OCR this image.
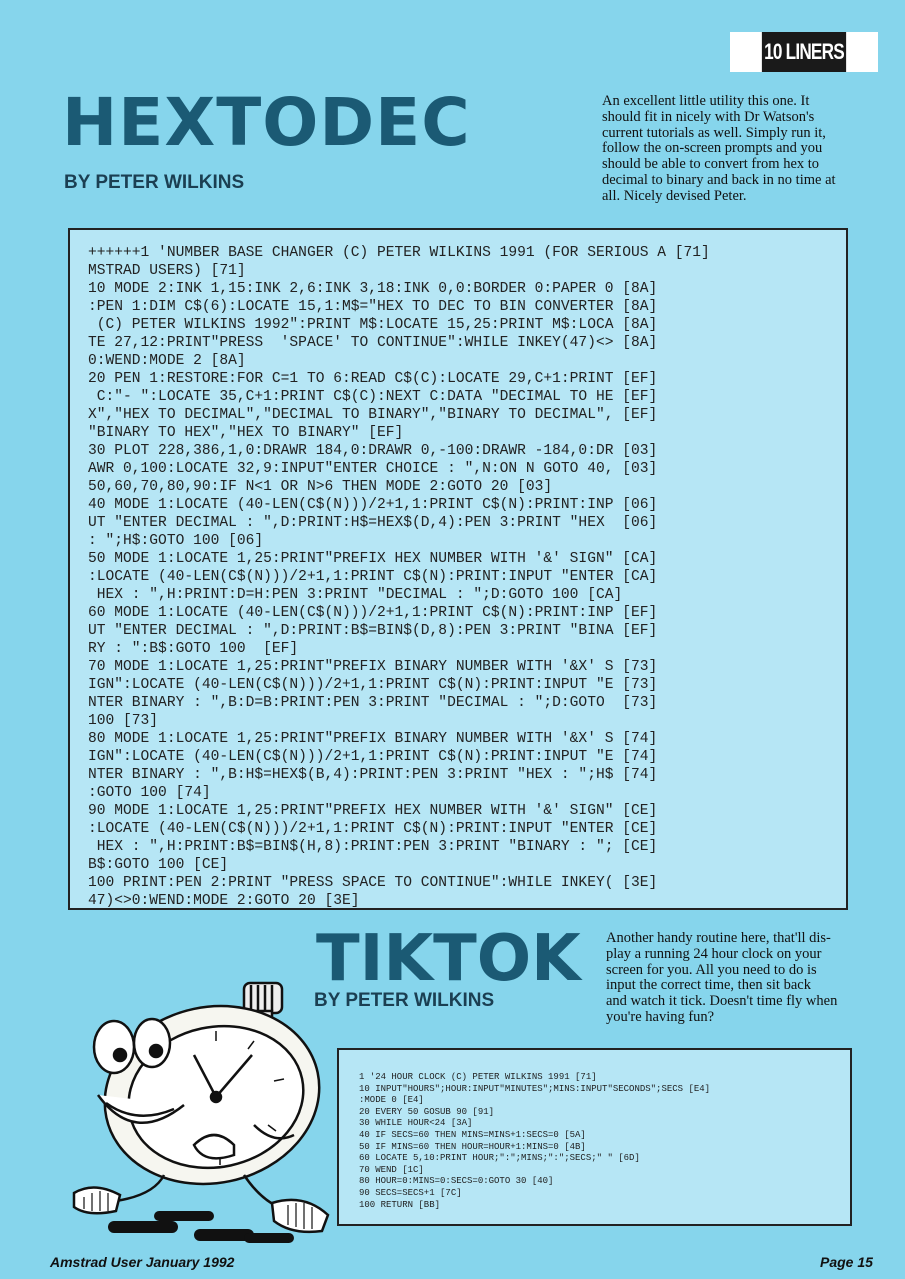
10 LINERS
HEXTODEC
BY PETER WILKINS
An excellent little utility this one. It
should fit in nicely with Dr Watson's
current tutorials as well. Simply run it,
follow the on-screen prompts and you
should be able to convert from hex to
decimal to binary and back in no time at
all. Nicely devised Peter.
++++++1 'NUMBER BASE CHANGER (C) PETER WILKINS 1991 (FOR SERIOUS A [71]
MSTRAD USERS) [71]
10 MODE 2:INK 1,15:INK 2,6:INK 3,18:INK 0,0:BORDER 0:PAPER 0 [8A]
:PEN 1:DIM C$(6):LOCATE 15,1:M$="HEX TO DEC TO BIN CONVERTER [8A]
(C) PETER WILKINS 1992":PRINT M$:LOCATE 15,25:PRINT M$:LOCA [8A]
TE 27,12:PRINT"PRESS  'SPACE' TO CONTINUE":WHILE INKEY(47)<> [8A]
0:WEND:MODE 2 [8A]
20 PEN 1:RESTORE:FOR C=1 TO 6:READ C$(C):LOCATE 29,C+1:PRINT [EF]
C:"- ":LOCATE 35,C+1:PRINT C$(C):NEXT C:DATA "DECIMAL TO HE [EF]
X","HEX TO DECIMAL","DECIMAL TO BINARY","BINARY TO DECIMAL", [EF]
"BINARY TO HEX","HEX TO BINARY" [EF]
30 PLOT 228,386,1,0:DRAWR 184,0:DRAWR 0,-100:DRAWR -184,0:DR [03]
AWR 0,100:LOCATE 32,9:INPUT"ENTER CHOICE : ",N:ON N GOTO 40, [03]
50,60,70,80,90:IF N<1 OR N>6 THEN MODE 2:GOTO 20 [03]
40 MODE 1:LOCATE (40-LEN(C$(N)))/2+1,1:PRINT C$(N):PRINT:INP [06]
UT "ENTER DECIMAL : ",D:PRINT:H$=HEX$(D,4):PEN 3:PRINT "HEX  [06]
: ";H$:GOTO 100 [06]
50 MODE 1:LOCATE 1,25:PRINT"PREFIX HEX NUMBER WITH '&' SIGN" [CA]
:LOCATE (40-LEN(C$(N)))/2+1,1:PRINT C$(N):PRINT:INPUT "ENTER [CA]
HEX : ",H:PRINT:D=H:PEN 3:PRINT "DECIMAL : ";D:GOTO 100 [CA]
60 MODE 1:LOCATE (40-LEN(C$(N)))/2+1,1:PRINT C$(N):PRINT:INP [EF]
UT "ENTER DECIMAL : ",D:PRINT:B$=BIN$(D,8):PEN 3:PRINT "BINA [EF]
RY : ":B$:GOTO 100  [EF]
70 MODE 1:LOCATE 1,25:PRINT"PREFIX BINARY NUMBER WITH '&X' S [73]
IGN":LOCATE (40-LEN(C$(N)))/2+1,1:PRINT C$(N):PRINT:INPUT "E [73]
NTER BINARY : ",B:D=B:PRINT:PEN 3:PRINT "DECIMAL : ";D:GOTO  [73]
100 [73]
80 MODE 1:LOCATE 1,25:PRINT"PREFIX BINARY NUMBER WITH '&X' S [74]
IGN":LOCATE (40-LEN(C$(N)))/2+1,1:PRINT C$(N):PRINT:INPUT "E [74]
NTER BINARY : ",B:H$=HEX$(B,4):PRINT:PEN 3:PRINT "HEX : ";H$ [74]
:GOTO 100 [74]
90 MODE 1:LOCATE 1,25:PRINT"PREFIX HEX NUMBER WITH '&' SIGN" [CE]
:LOCATE (40-LEN(C$(N)))/2+1,1:PRINT C$(N):PRINT:INPUT "ENTER [CE]
HEX : ",H:PRINT:B$=BIN$(H,8):PRINT:PEN 3:PRINT "BINARY : "; [CE]
B$:GOTO 100 [CE]
100 PRINT:PEN 2:PRINT "PRESS SPACE TO CONTINUE":WHILE INKEY( [3E]
47)<>0:WEND:MODE 2:GOTO 20 [3E]
TIKTOK
BY PETER WILKINS
Another handy routine here, that'll dis-
play a running 24 hour clock on your
screen for you. All you need to do is
input the correct time, then sit back
and watch it tick. Doesn't time fly when
you're having fun?
1 '24 HOUR CLOCK (C) PETER WILKINS 1991 [71]
10 INPUT"HOURS";HOUR:INPUT"MINUTES";MINS:INPUT"SECONDS";SECS [E4]
:MODE 0 [E4]
20 EVERY 50 GOSUB 90 [91]
30 WHILE HOUR<24 [3A]
40 IF SECS=60 THEN MINS=MINS+1:SECS=0 [5A]
50 IF MINS=60 THEN HOUR=HOUR+1:MINS=0 [4B]
60 LOCATE 5,10:PRINT HOUR;":";MINS;":";SECS;" " [6D]
70 WEND [1C]
80 HOUR=0:MINS=0:SECS=0:GOTO 30 [40]
90 SECS=SECS+1 [7C]
100 RETURN [BB]
Amstrad User January 1992	Page 15
